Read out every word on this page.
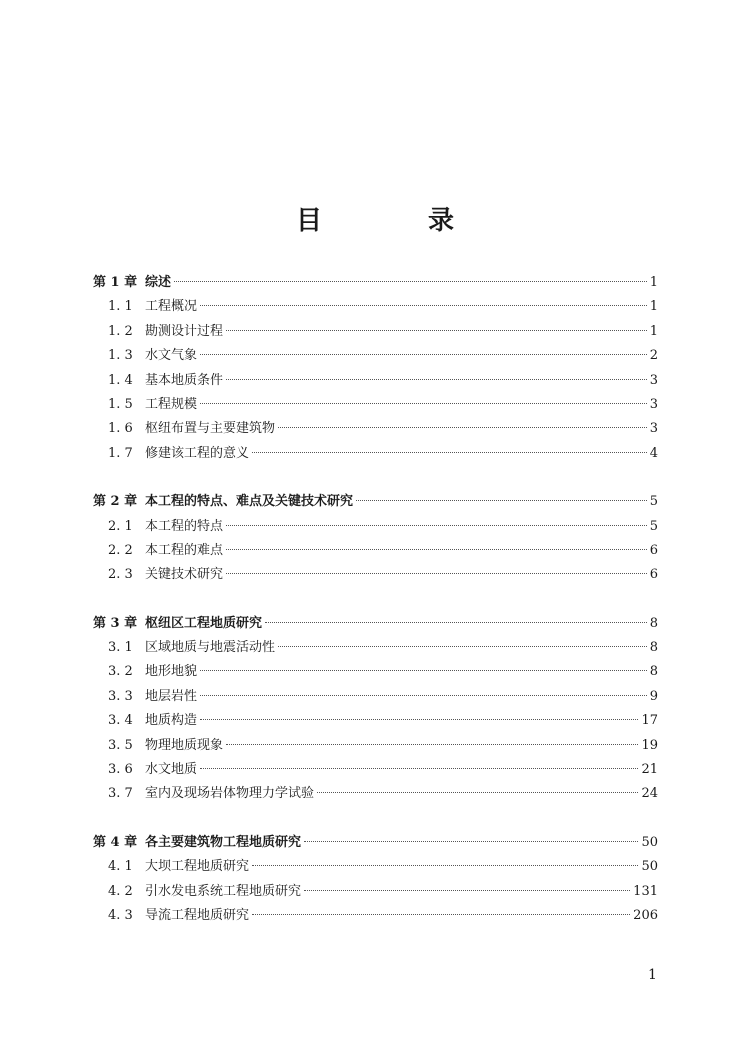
目　录
第 1 章 综述	1
1. 1 工程概况	1
1. 2 勘测设计过程	1
1. 3 水文气象	2
1. 4 基本地质条件	3
1. 5 工程规模	3
1. 6 枢纽布置与主要建筑物	3
1. 7 修建该工程的意义	4
第 2 章 本工程的特点、难点及关键技术研究	5
2. 1 本工程的特点	5
2. 2 本工程的难点	6
2. 3 关键技术研究	6
第 3 章 枢纽区工程地质研究	8
3. 1 区域地质与地震活动性	8
3. 2 地形地貌	8
3. 3 地层岩性	9
3. 4 地质构造	17
3. 5 物理地质现象	19
3. 6 水文地质	21
3. 7 室内及现场岩体物理力学试验	24
第 4 章 各主要建筑物工程地质研究	50
4. 1 大坝工程地质研究	50
4. 2 引水发电系统工程地质研究	131
4. 3 导流工程地质研究	206
1
